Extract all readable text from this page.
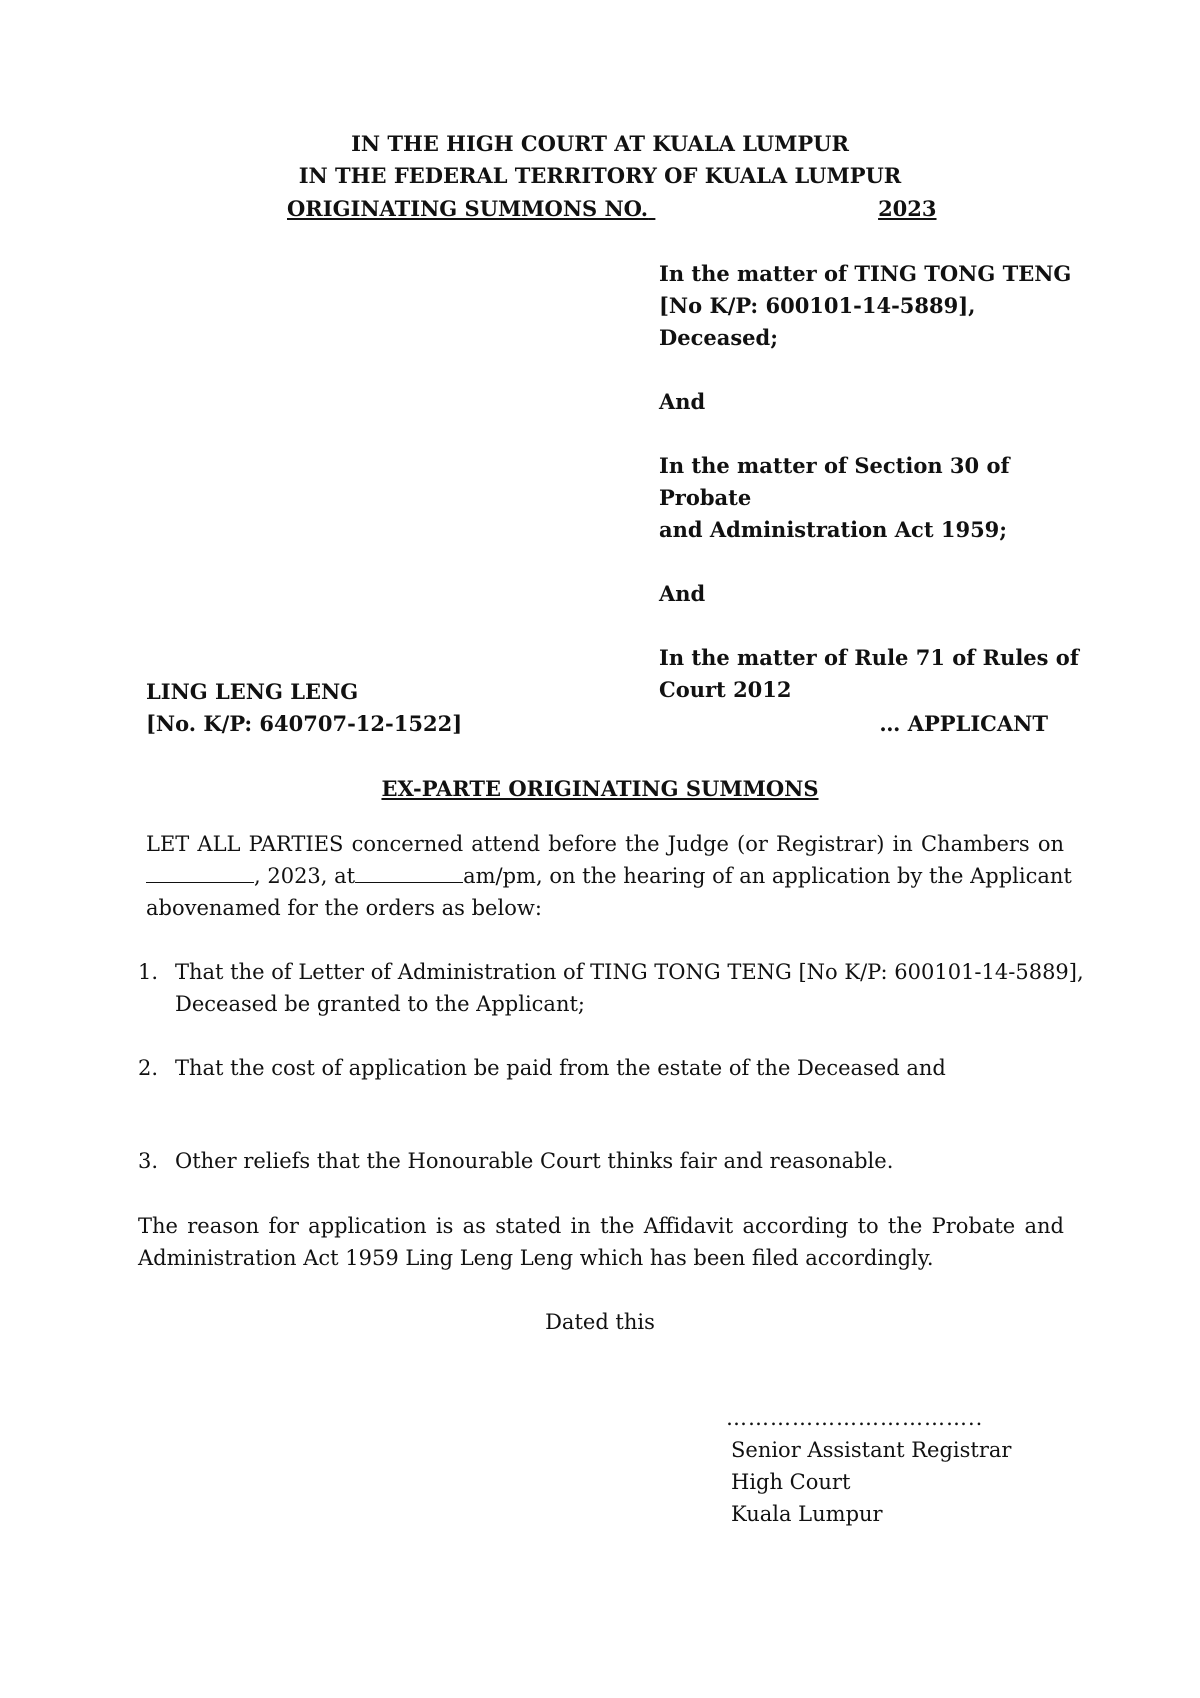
IN THE HIGH COURT AT KUALA LUMPUR
IN THE FEDERAL TERRITORY OF KUALA LUMPUR
ORIGINATING SUMMONS NO.	2023

In the matter of TING TONG TENG

[No K/P: 600101-14-5889], Deceased;

And

In the matter of Section 30 of Probate

and Administration Act 1959;

And

In the matter of Rule 71 of Rules of

Court 2012

LING LENG LENG
[No. K/P: 640707-12-1522]	… APPLICANT
EX-PARTE ORIGINATING SUMMONS
LET ALL PARTIES concerned attend before the Judge (or Registrar) in Chambers on
, 2023, at	am/pm, on the hearing of an application by the Applicant
abovenamed for the orders as below:
1. That the of Letter of Administration of TING TONG TENG [No K/P: 600101-14-5889],
Deceased be granted to the Applicant;
2. That the cost of application be paid from the estate of the Deceased and
3. Other reliefs that the Honourable Court thinks fair and reasonable.
The reason for application is as stated in the Affidavit according to the Probate and
Administration Act 1959 Ling Leng Leng which has been filed accordingly.
Dated this
……………………………..
Senior Assistant Registrar
High Court
Kuala Lumpur
